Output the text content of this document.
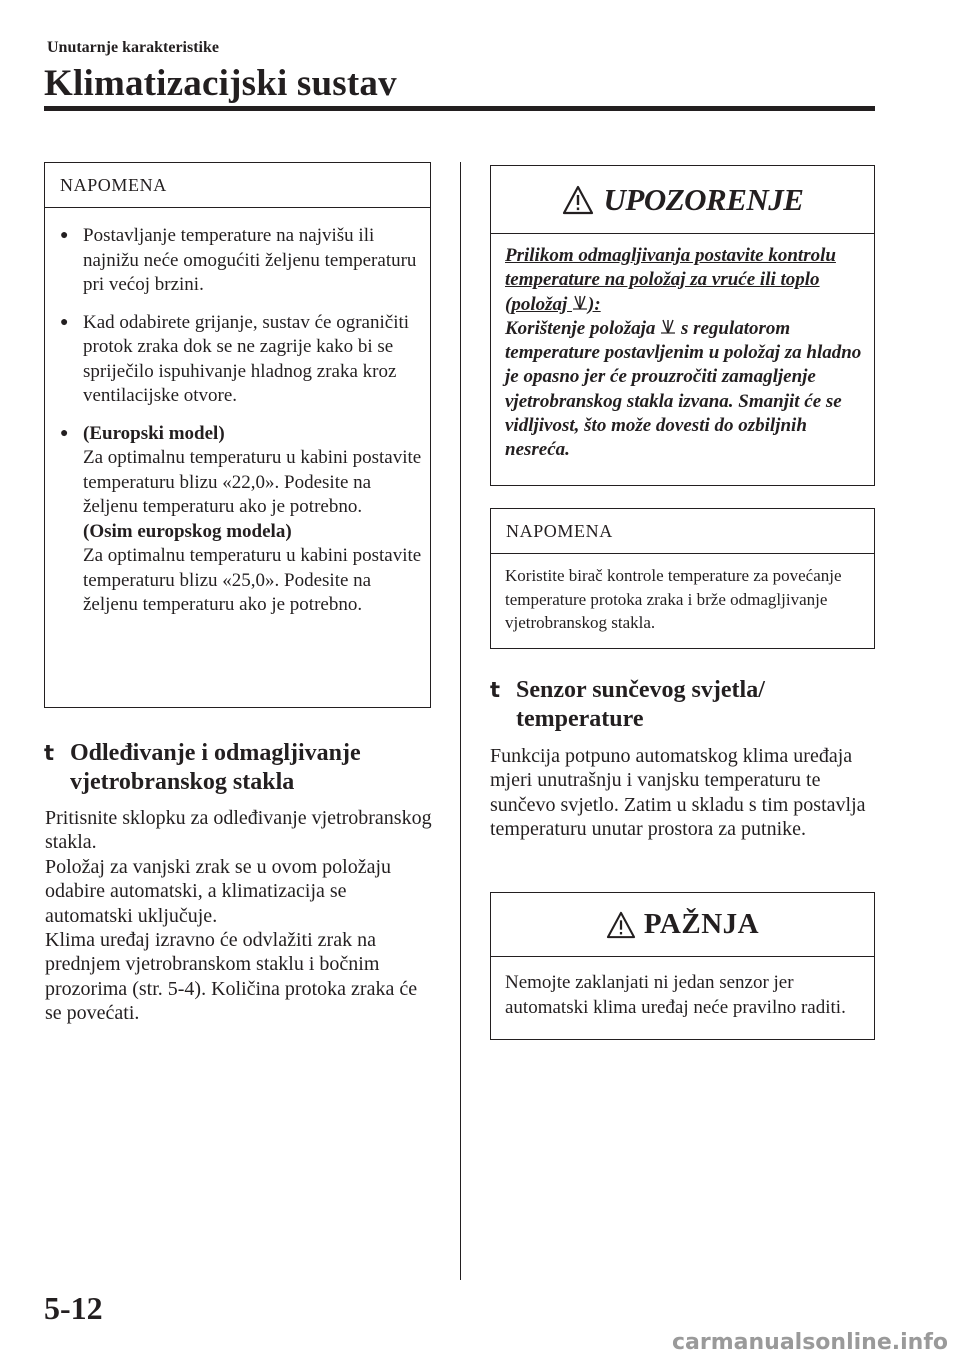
Unutarnje karakteristike
Klimatizacijski sustav
NAPOMENA
● Postavljanje temperature na najvišu ili najnižu neće omogućiti željenu temperaturu pri većoj brzini.
● Kad odabirete grijanje, sustav će ograničiti protok zraka dok se ne zagrije kako bi se spriječilo ispuhivanje hladnog zraka kroz ventilacijske otvore.
● (Europski model)
Za optimalnu temperaturu u kabini postavite temperaturu blizu «22,0». Podesite na željenu temperaturu ako je potrebno.
(Osim europskog modela)
Za optimalnu temperaturu u kabini postavite temperaturu blizu «25,0». Podesite na željenu temperaturu ako je potrebno.
t Odleđivanje i odmagljivanje vjetrobranskog stakla
Pritisnite sklopku za odleđivanje vjetrobranskog stakla.
Položaj za vanjski zrak se u ovom položaju odabire automatski, a klimatizacija se automatski uključuje.
Klima uređaj izravno će odvlažiti zrak na prednjem vjetrobranskom staklu i bočnim prozorima (str. 5-4). Količina protoka zraka će se povećati.
UPOZORENJE
Prilikom odmagljivanja postavite kontrolu temperature na položaj za vruće ili toplo (položaj ):
Korištenje položaja  s regulatorom temperature postavljenim u položaj za hladno je opasno jer će prouzročiti zamagljenje vjetrobranskog stakla izvana. Smanjit će se vidljivost, što može dovesti do ozbiljnih nesreća.
NAPOMENA
Koristite birač kontrole temperature za povećanje temperature protoka zraka i brže odmagljivanje vjetrobranskog stakla.
t Senzor sunčevog svjetla/ temperature
Funkcija potpuno automatskog klima uređaja mjeri unutrašnju i vanjsku temperaturu te sunčevo svjetlo. Zatim u skladu s tim postavlja temperaturu unutar prostora za putnike.
PAŽNJA
Nemojte zaklanjati ni jedan senzor jer automatski klima uređaj neće pravilno raditi.
5-12
carmanualsonline.info
